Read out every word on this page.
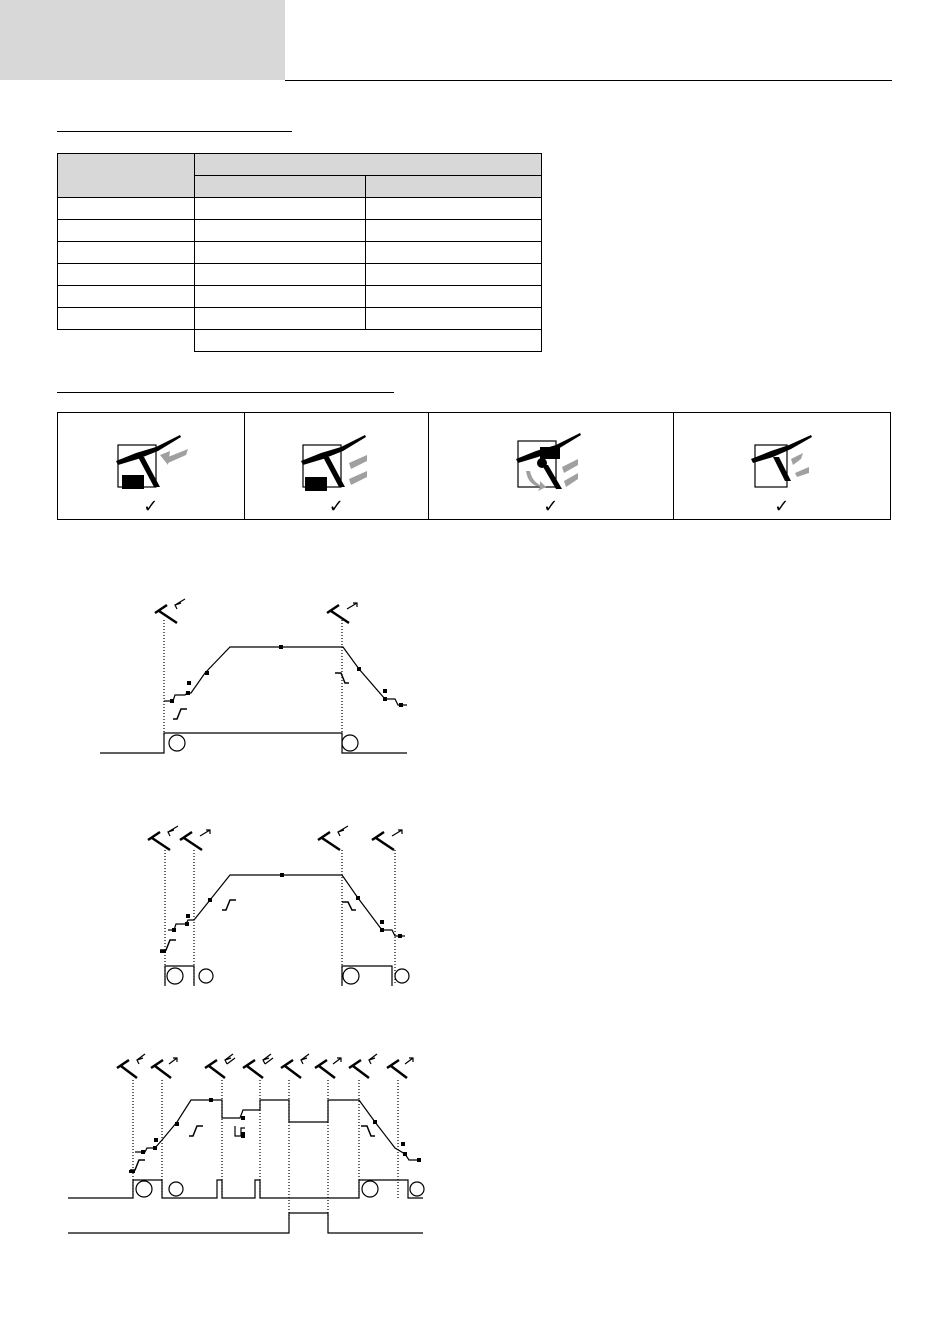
✓	✓	✓	✓
